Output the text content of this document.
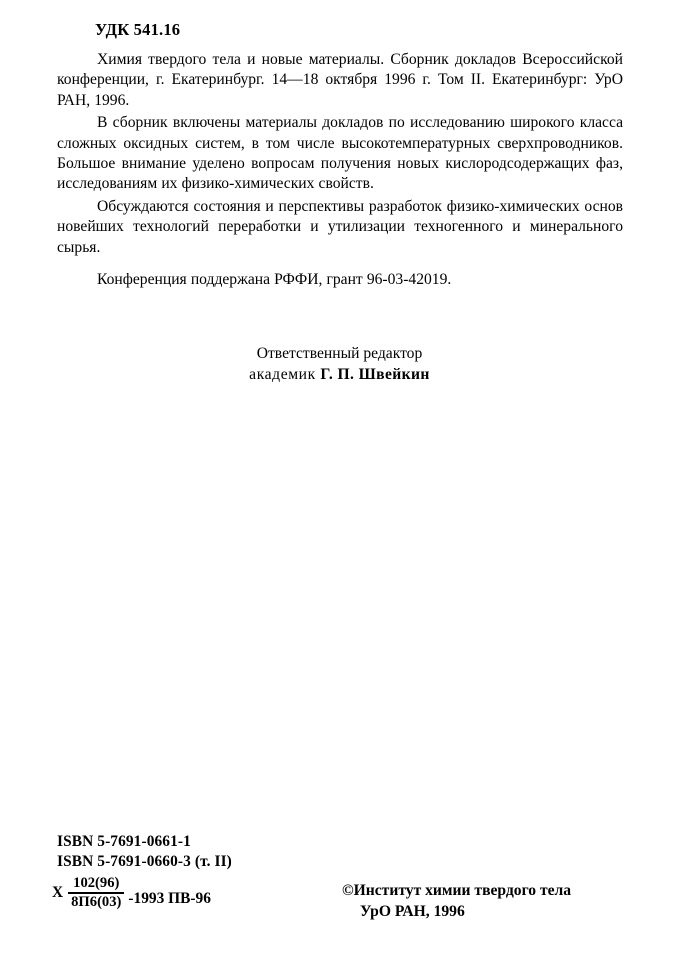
УДК 541.16

Химия твердого тела и новые материалы. Сборник докладов Всероссийской конференции, г. Екатеринбург. 14—18 октября 1996 г. Том II. Екатеринбург: УрО РАН, 1996.

В сборник включены материалы докладов по исследованию широкого класса сложных оксидных систем, в том числе высокотемпературных сверхпроводников. Большое внимание уделено вопросам получения новых кислородсодержащих фаз, исследованиям их физико-химических свойств.

Обсуждаются состояния и перспективы разработок физико-химических основ новейших технологий переработки и утилизации техногенного и минерального сырья.

Конференция поддержана РФФИ, грант 96-03-42019.

Ответственный редактор
академик Г. П. Швейкин
ISBN 5-7691-0661-1
ISBN 5-7691-0660-3 (т. II)
X $\frac{102(96)}{8П6(03)} -1993$ ПВ-96	©Институт химии твердого тела
УрО РАН, 1996
